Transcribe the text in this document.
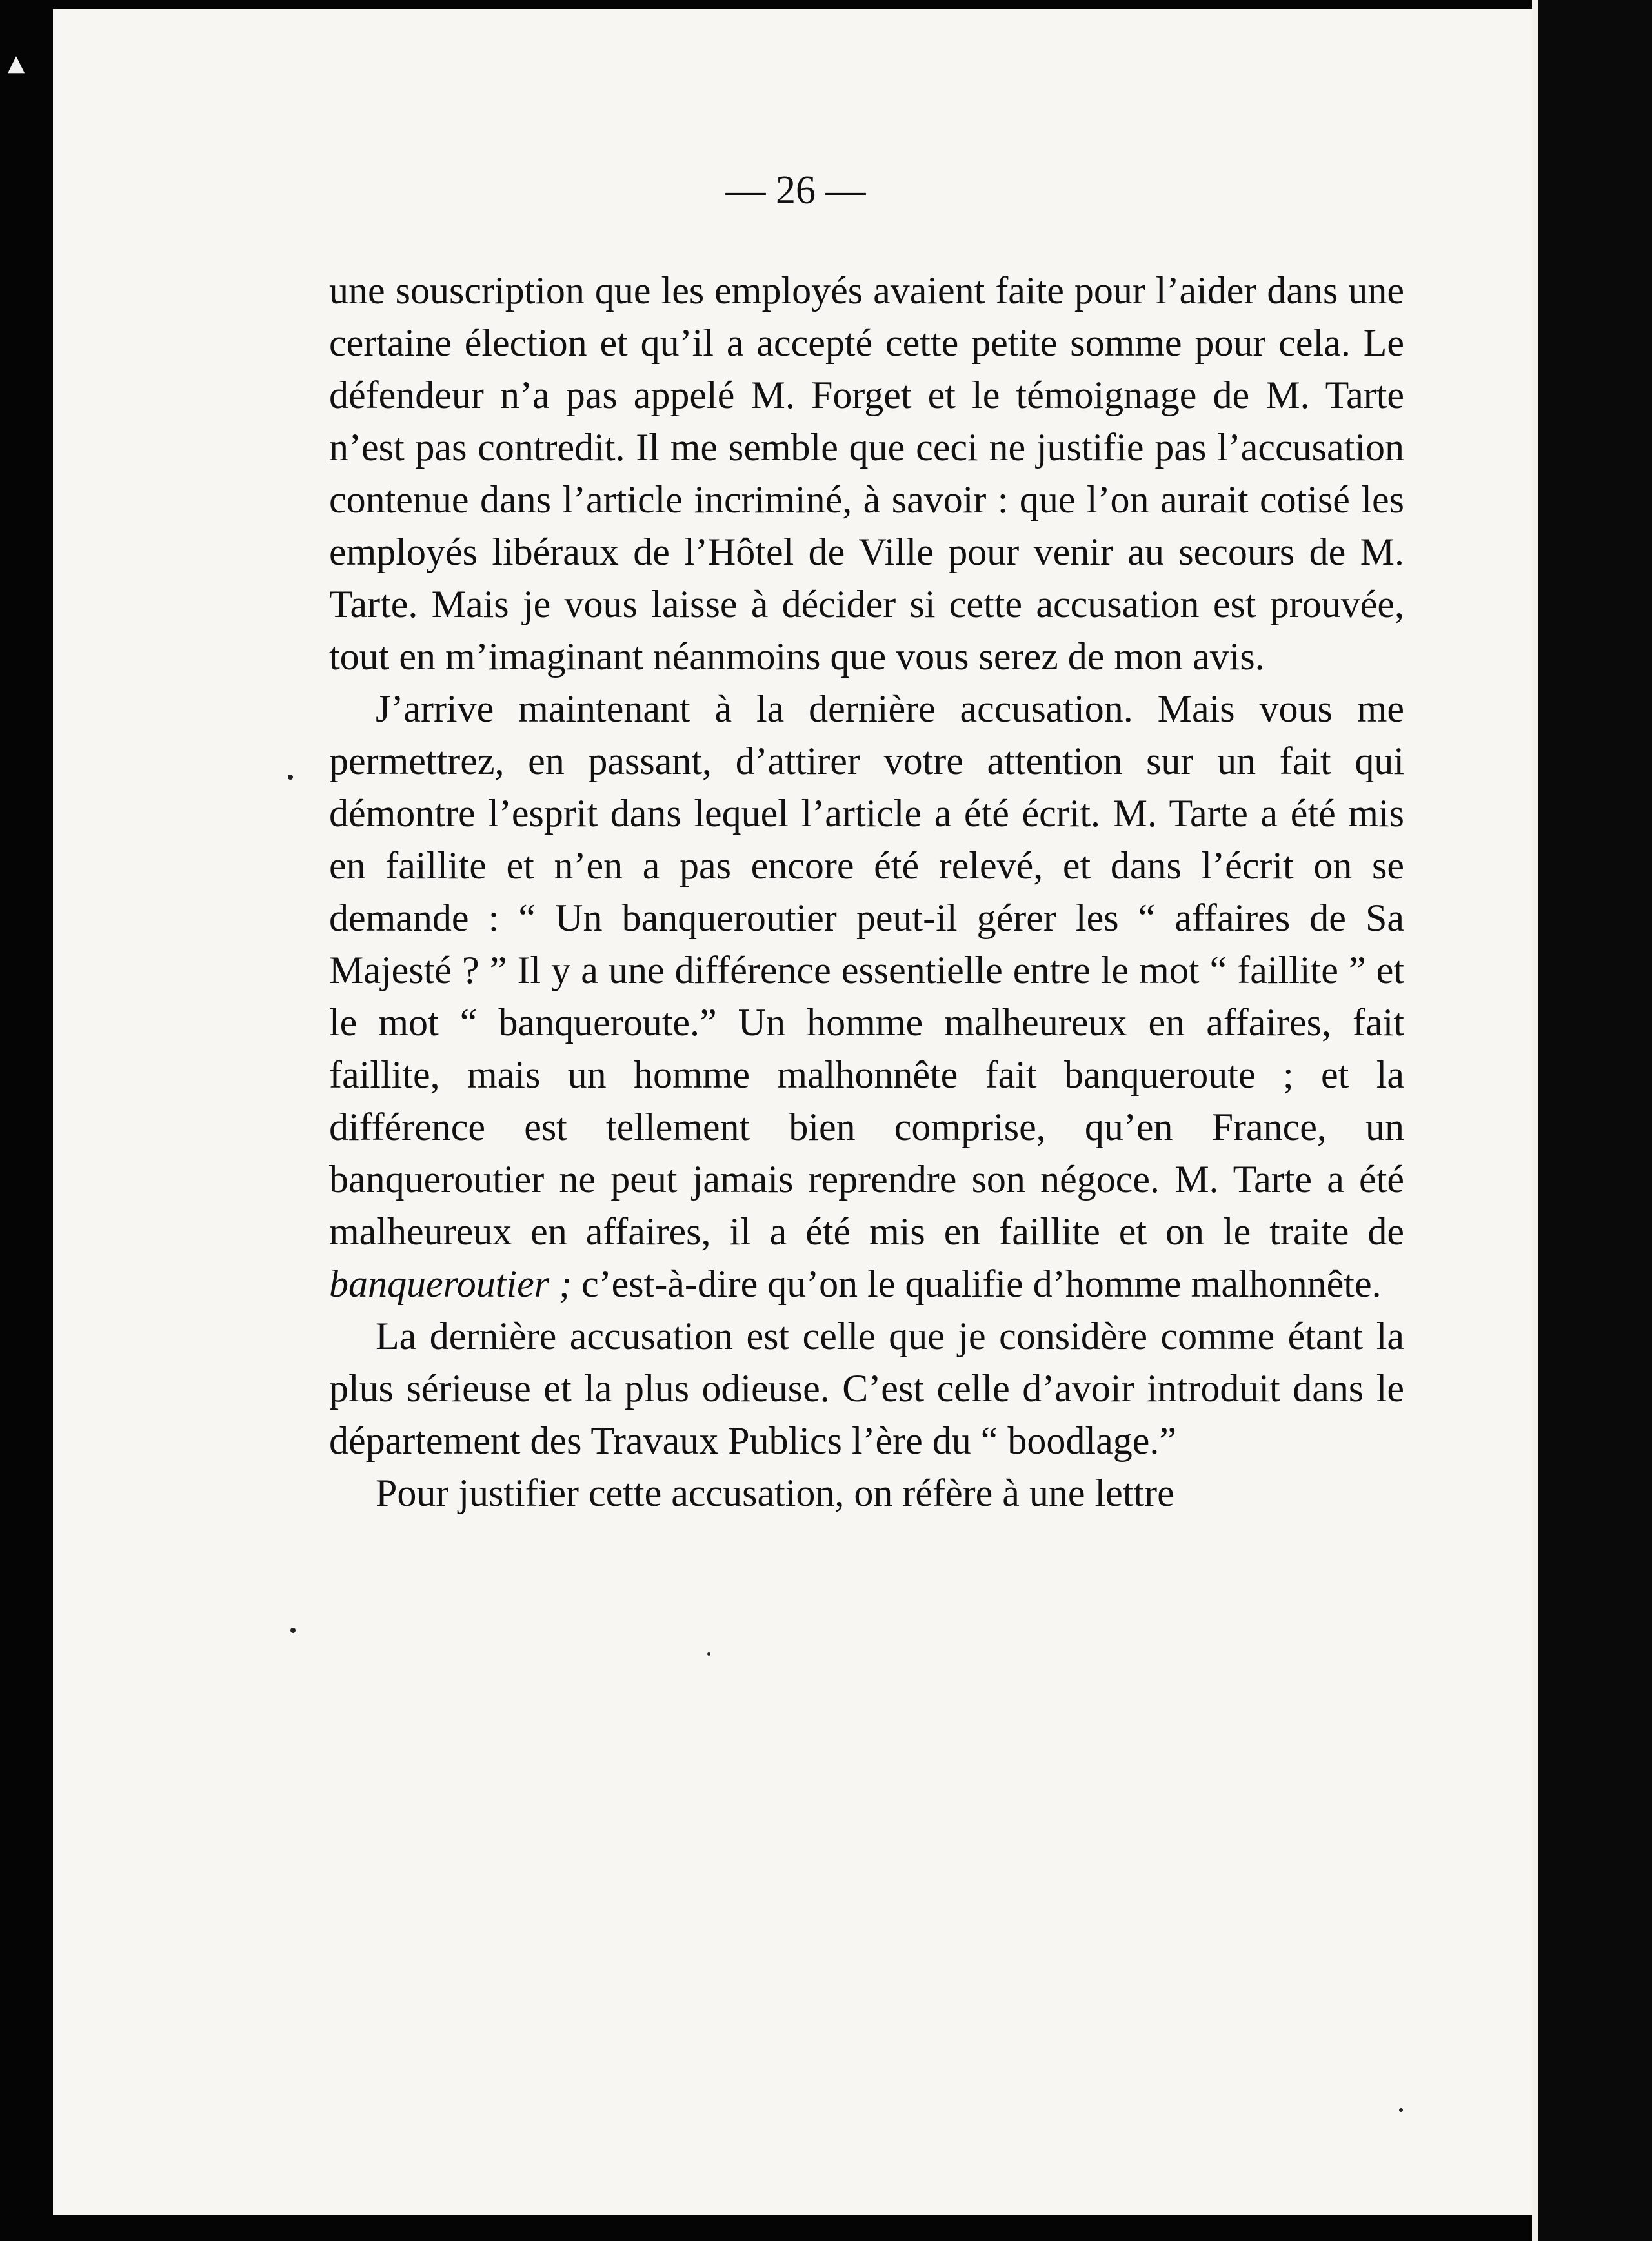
▲
— 26 —

une souscription que les employés avaient faite pour l’aider dans une certaine élection et qu’il a accepté cette petite somme pour cela. Le défendeur n’a pas appelé M. Forget et le témoignage de M. Tarte n’est pas contredit. Il me semble que ceci ne justifie pas l’accusation contenue dans l’article incriminé, à savoir : que l’on aurait cotisé les employés libéraux de l’Hôtel de Ville pour venir au secours de M. Tarte. Mais je vous laisse à décider si cette accusation est prouvée, tout en m’imaginant néanmoins que vous serez de mon avis.

J’arrive maintenant à la dernière accusation. Mais vous me permettrez, en passant, d’attirer votre attention sur un fait qui démontre l’esprit dans lequel l’article a été écrit. M. Tarte a été mis en faillite et n’en a pas encore été relevé, et dans l’écrit on se demande : “ Un banqueroutier peut-il gérer les “ affaires de Sa Majesté ? ” Il y a une différence essentielle entre le mot “ faillite ” et le mot “ banqueroute.” Un homme malheureux en affaires, fait faillite, mais un homme malhonnête fait banqueroute ; et la différence est tellement bien comprise, qu’en France, un banqueroutier ne peut jamais reprendre son négoce. M. Tarte a été malheureux en affaires, il a été mis en faillite et on le traite de banqueroutier ; c’est-à-dire qu’on le qualifie d’homme malhonnête.

La dernière accusation est celle que je considère comme étant la plus sérieuse et la plus odieuse. C’est celle d’avoir introduit dans le département des Travaux Publics l’ère du “ boodlage.”

Pour justifier cette accusation, on réfère à une lettre
